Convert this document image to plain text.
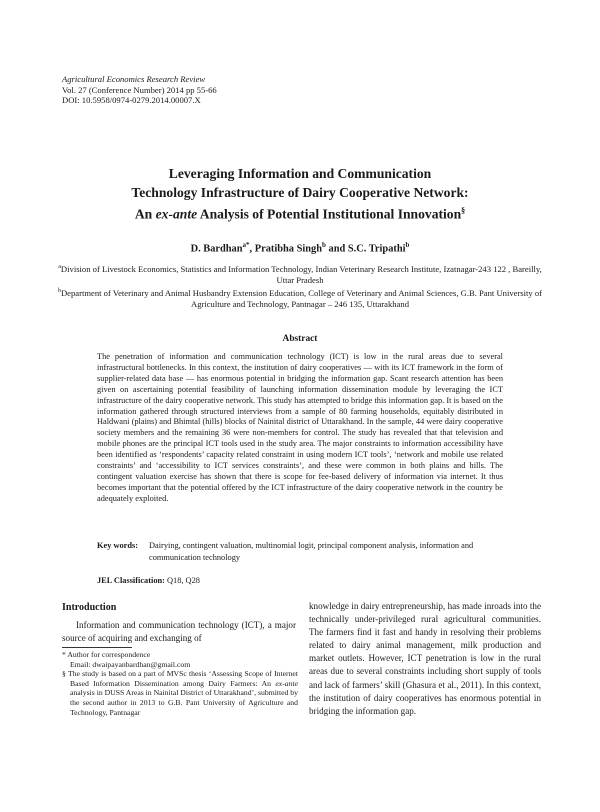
Agricultural Economics Research Review
Vol. 27 (Conference Number) 2014 pp 55-66
DOI: 10.5958/0974-0279.2014.00007.X
Leveraging Information and Communication
Technology Infrastructure of Dairy Cooperative Network:
An ex-ante Analysis of Potential Institutional Innovation§
D. Bardhan$^{a*}$, Pratibha Singh$^b$ and S.C. Tripathi$^b$
$^a$Division of Livestock Economics, Statistics and Information Technology, Indian Veterinary Research Institute, Izatnagar-243 122 , Bareilly, Uttar Pradesh
$^b$Department of Veterinary and Animal Husbandry Extension Education, College of Veterinary and Animal Sciences, G.B. Pant University of Agriculture and Technology, Pantnagar – 246 135, Uttarakhand
Abstract

The penetration of information and communication technology (ICT) is low in the rural areas due to several infrastructural bottlenecks. In this context, the institution of dairy cooperatives — with its ICT framework in the form of supplier-related data base — has enormous potential in bridging the information gap. Scant research attention has been given on ascertaining potential feasibility of launching information dissemination module by leveraging the ICT infrastructure of the dairy cooperative network. This study has attempted to bridge this information gap. It is based on the information gathered through structured interviews from a sample of 80 farming households, equitably distributed in Haldwani (plains) and Bhimtal (hills) blocks of Nainital district of Uttarakhand. In the sample, 44 were dairy cooperative society members and the remaining 36 were non-members for control. The study has revealed that that television and mobile phones are the principal ICT tools used in the study area. The major constraints to information accessibility have been identified as ‘respondents’ capacity related constraint in using modern ICT tools’, ‘network and mobile use related constraints’ and ‘accessibility to ICT services constraints’, and these were common in both plains and hills. The contingent valuation exercise has shown that there is scope for fee-based delivery of information via internet. It thus becomes important that the potential offered by the ICT infrastructure of the dairy cooperative network in the country be adequately exploited.

Key words: Dairying, contingent valuation, multinomial logit, principal component analysis, information and communication technology
JEL Classification: Q18, Q28
Introduction

Information and communication technology (ICT), a major source of acquiring and exchanging of

* Author for correspondence

Email: dwaipayanbardhan@gmail.com

§ The study is based on a part of MVSc thesis ‘Assessing Scope of Internet Based Information Dissemination among Dairy Farmers: An ex-ante analysis in DUSS Areas in Nainital District of Uttarakhand’, submitted by the second author in 2013 to G.B. Pant University of Agriculture and Technology, Pantnagar

knowledge in dairy entrepreneurship, has made inroads into the technically under-privileged rural agricultural communities. The farmers find it fast and handy in resolving their problems related to dairy animal management, milk production and market outlets. However, ICT penetration is low in the rural areas due to several constraints including short supply of tools and lack of farmers’ skill (Ghasura et al., 2011). In this context, the institution of dairy cooperatives has enormous potential in bridging the information gap.
